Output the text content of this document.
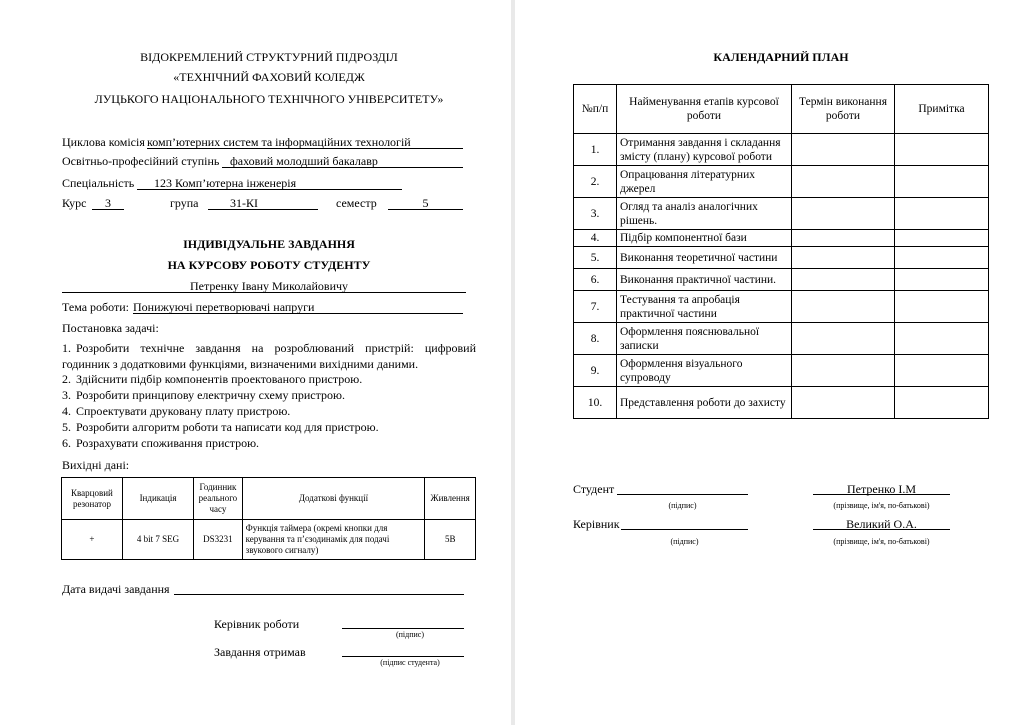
ВІДОКРЕМЛЕНИЙ СТРУКТУРНИЙ ПІДРОЗДІЛ
«ТЕХНІЧНИЙ ФАХОВИЙ КОЛЕДЖ
ЛУЦЬКОГО НАЦІОНАЛЬНОГО ТЕХНІЧНОГО УНІВЕРСИТЕТУ»
Циклова комісія комп’ютерних систем та інформаційних технологій
Освітньо-професійний ступінь фаховий молодший бакалавр
Спеціальність 123 Комп’ютерна інженерія
Курс	3	група	31-КІ	семестр	5
ІНДИВІДУАЛЬНЕ ЗАВДАННЯ
НА КУРСОВУ РОБОТУ СТУДЕНТУ
Петренку Івану Миколайовичу
Тема роботи: Понижуючі перетворювачі напруги
Постановка задачі:
1. Розробити технічне завдання на розроблюваний пристрій: цифровий
годинник з додатковими функціями, визначеними вихідними даними.
2. Здійснити підбір компонентів проектованого пристрою.
3. Розробити принципову електричну схему пристрою.
4. Спроектувати друковану плату пристрою.
5. Розробити алгоритм роботи та написати код для пристрою.
6. Розрахувати споживання пристрою.
Вихідні дані:
Кварцовий резонатор	Індикація	Годинник реального часу	Додаткові функції	Живлення
+	4 bit 7 SEG	DS3231	Функція таймера (окремі кнопки для керування та п’єзодинамік для подачі звукового сигналу)	5В
Дата видачі завдання
Керівник роботи
(підпис)
Завдання отримав
(підпис студента)
КАЛЕНДАРНИЙ ПЛАН
№п/п	Найменування етапів курсової роботи	Термін виконання роботи	Примітка
1.	Отримання завдання і складання змісту (плану) курсової роботи		
2.	Опрацювання літературних джерел		
3.	Огляд та аналіз аналогічних рішень.		
4.	Підбір компонентної бази		
5.	Виконання теоретичної частини		
6.	Виконання практичної частини.		
7.	Тестування та апробація практичної частини		
8.	Оформлення пояснювальної записки		
9.	Оформлення візуального супроводу		
10.	Представлення роботи до захисту		
Студент
(підпис)
Петренко І.М
(прізвище, ім'я, по-батькові)
Керівник
(підпис)
Великий О.А.
(прізвище, ім'я, по-батькові)
